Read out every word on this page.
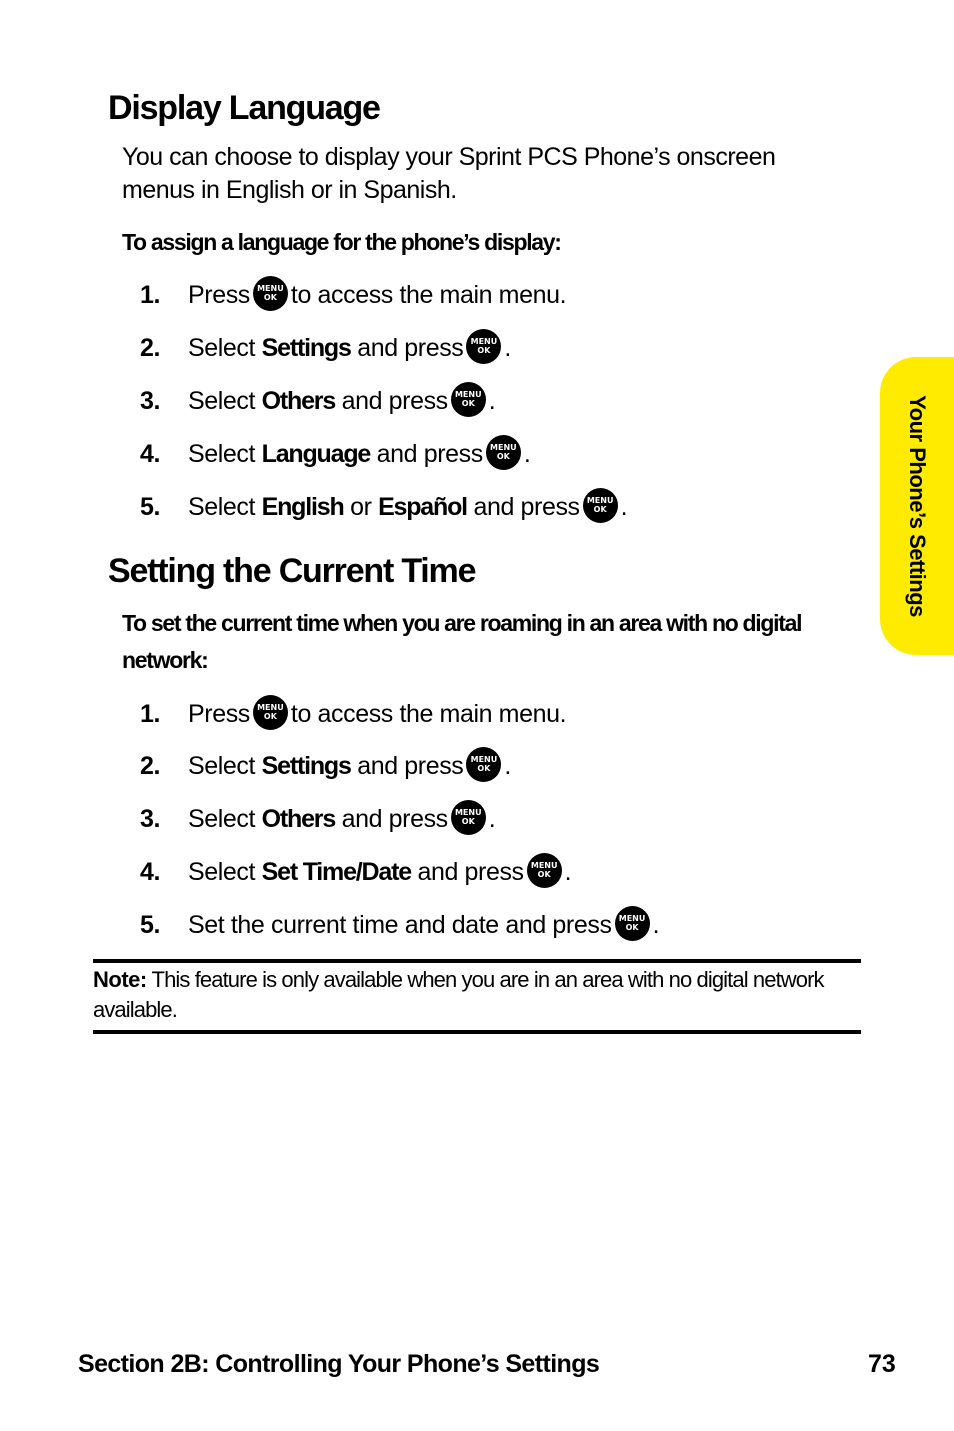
Display Language

You can choose to display your Sprint PCS Phone’s onscreen menus in English or in Spanish.

To assign a language for the phone’s display:

1.	Press MENU
OK to access the main menu.
2.	Select Settings and press MENU
OK .
3.	Select Others and press MENU
OK .
4.	Select Language and press MENU
OK .
5.	Select English or Español and press MENU
OK .
Setting the Current Time

To set the current time when you are roaming in an area with no digital network:

1.	Press MENU
OK to access the main menu.
2.	Select Settings and press MENU
OK .
3.	Select Others and press MENU
OK .
4.	Select Set Time/Date and press MENU
OK .
5.	Set the current time and date and press MENU
OK .

Note: This feature is only available when you are in an area with no digital network available.

Your Phone’s Settings
Section 2B: Controlling Your Phone’s Settings	73
